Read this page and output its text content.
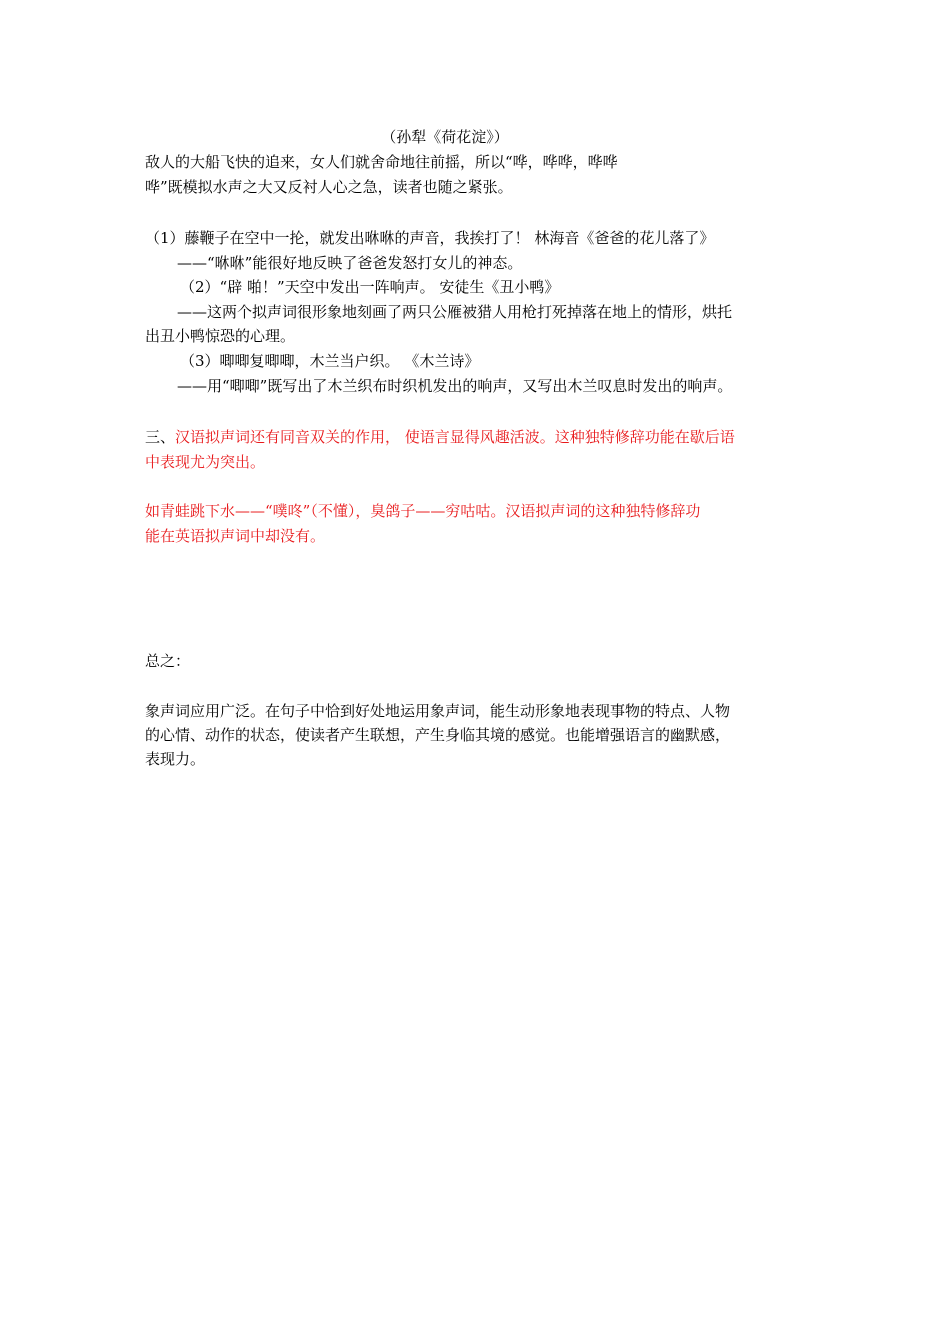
（孙犁《荷花淀》）
敌人的大船飞快的追来，女人们就舍命地往前摇，所以“哗，哗哗，哗哗
哗”既模拟水声之大又反衬人心之急，读者也随之紧张。
（1）藤鞭子在空中一抡，就发出咻咻的声音，我挨打了！ 林海音《爸爸的花儿落了》
——“咻咻”能很好地反映了爸爸发怒打女儿的神态。
（2）“辟 啪！”天空中发出一阵响声。 安徒生《丑小鸭》
——这两个拟声词很形象地刻画了两只公雁被猎人用枪打死掉落在地上的情形，烘托
出丑小鸭惊恐的心理。
（3）唧唧复唧唧，木兰当户织。 《木兰诗》
——用“唧唧”既写出了木兰织布时织机发出的响声，又写出木兰叹息时发出的响声。
三、汉语拟声词还有同音双关的作用， 使语言显得风趣活波。这种独特修辞功能在歇后语
中表现尤为突出。
如青蛙跳下水——“噗咚”（不懂），臭鸽子——穷咕咕。汉语拟声词的这种独特修辞功
能在英语拟声词中却没有。
总之：
象声词应用广泛。在句子中恰到好处地运用象声词，能生动形象地表现事物的特点、人物
的心情、动作的状态，使读者产生联想，产生身临其境的感觉。也能增强语言的幽默感，
表现力。
